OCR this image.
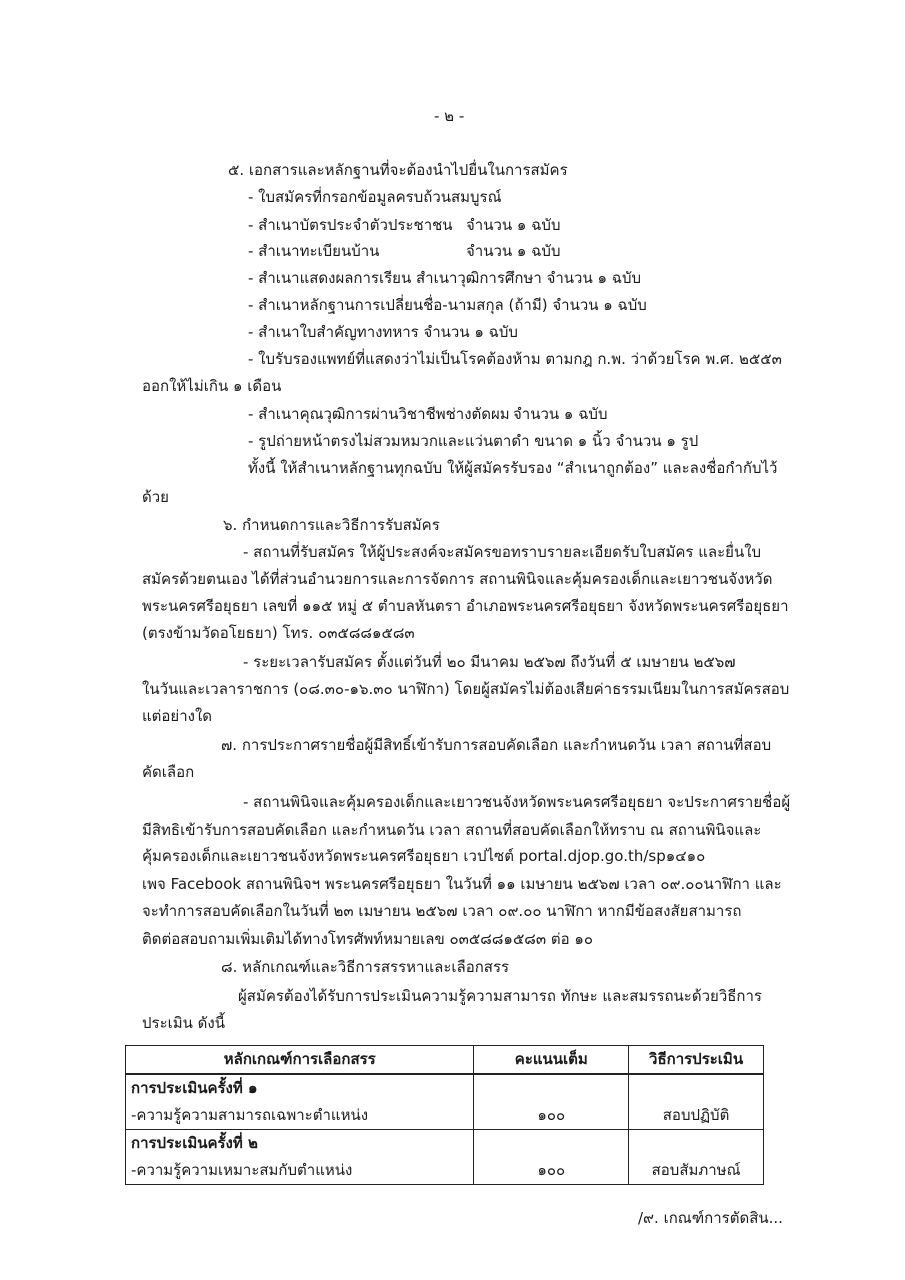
- ๒ -
๕. เอกสารและหลักฐานที่จะต้องนำไปยื่นในการสมัคร
- ใบสมัครที่กรอกข้อมูลครบถ้วนสมบูรณ์
- สำเนาบัตรประจำตัวประชาชน จำนวน ๑ ฉบับ
- สำเนาทะเบียนบ้าน	จำนวน ๑ ฉบับ
- สำเนาแสดงผลการเรียน สำเนาวุฒิการศึกษา จำนวน ๑ ฉบับ
- สำเนาหลักฐานการเปลี่ยนชื่อ-นามสกุล (ถ้ามี) จำนวน ๑ ฉบับ
- สำเนาใบสำคัญทางทหาร จำนวน ๑ ฉบับ
- ใบรับรองแพทย์ที่แสดงว่าไม่เป็นโรคต้องห้าม ตามกฎ ก.พ. ว่าด้วยโรค พ.ศ. ๒๕๕๓
ออกให้ไม่เกิน ๑ เดือน
- สำเนาคุณวุฒิการผ่านวิชาชีพช่างตัดผม จำนวน ๑ ฉบับ
- รูปถ่ายหน้าตรงไม่สวมหมวกและแว่นตาดำ ขนาด ๑ นิ้ว จำนวน ๑ รูป
ทั้งนี้ ให้สำเนาหลักฐานทุกฉบับ ให้ผู้สมัครรับรอง “สำเนาถูกต้อง” และลงชื่อกำกับไว้
ด้วย
๖. กำหนดการและวิธีการรับสมัคร
- สถานที่รับสมัคร ให้ผู้ประสงค์จะสมัครขอทราบรายละเอียดรับใบสมัคร และยื่นใบ
สมัครด้วยตนเอง ได้ที่ส่วนอำนวยการและการจัดการ สถานพินิจและคุ้มครองเด็กและเยาวชนจังหวัด
พระนครศรีอยุธยา เลขที่ ๑๑๕ หมู่ ๕ ตำบลหันตรา อำเภอพระนครศรีอยุธยา จังหวัดพระนครศรีอยุธยา
(ตรงข้ามวัดอโยธยา) โทร. ๐๓๕๘๘๑๕๘๓
- ระยะเวลารับสมัคร ตั้งแต่วันที่ ๒๐ มีนาคม ๒๕๖๗ ถึงวันที่ ๕ เมษายน ๒๕๖๗
ในวันและเวลาราชการ (๐๘.๓๐-๑๖.๓๐ นาฬิกา) โดยผู้สมัครไม่ต้องเสียค่าธรรมเนียมในการสมัครสอบ
แต่อย่างใด
๗. การประกาศรายชื่อผู้มีสิทธิ์เข้ารับการสอบคัดเลือก และกำหนดวัน เวลา สถานที่สอบ
คัดเลือก
- สถานพินิจและคุ้มครองเด็กและเยาวชนจังหวัดพระนครศรีอยุธยา จะประกาศรายชื่อผู้
มีสิทธิเข้ารับการสอบคัดเลือก และกำหนดวัน เวลา สถานที่สอบคัดเลือกให้ทราบ ณ สถานพินิจและ
คุ้มครองเด็กและเยาวชนจังหวัดพระนครศรีอยุธยา เวปไซต์ portal.djop.go.th/sp๑๔๑๐
เพจ Facebook สถานพินิจฯ พระนครศรีอยุธยา ในวันที่ ๑๑ เมษายน ๒๕๖๗ เวลา ๐๙.๐๐นาฬิกา และ
จะทำการสอบคัดเลือกในวันที่ ๒๓ เมษายน ๒๕๖๗ เวลา ๐๙.๐๐ นาฬิกา หากมีข้อสงสัยสามารถ
ติดต่อสอบถามเพิ่มเติมได้ทางโทรศัพท์หมายเลข ๐๓๕๘๘๑๕๘๓ ต่อ ๑๐
๘. หลักเกณฑ์และวิธีการสรรหาและเลือกสรร
ผู้สมัครต้องได้รับการประเมินความรู้ความสามารถ ทักษะ และสมรรถนะด้วยวิธีการ
ประเมิน ดังนี้
หลักเกณฑ์การเลือกสรร	คะแนนเต็ม	วิธีการประเมิน
การประเมินครั้งที่ ๑		
-ความรู้ความสามารถเฉพาะตำแหน่ง	๑๐๐	สอบปฏิบัติ
การประเมินครั้งที่ ๒		
-ความรู้ความเหมาะสมกับตำแหน่ง	๑๐๐	สอบสัมภาษณ์
/๙. เกณฑ์การตัดสิน...
